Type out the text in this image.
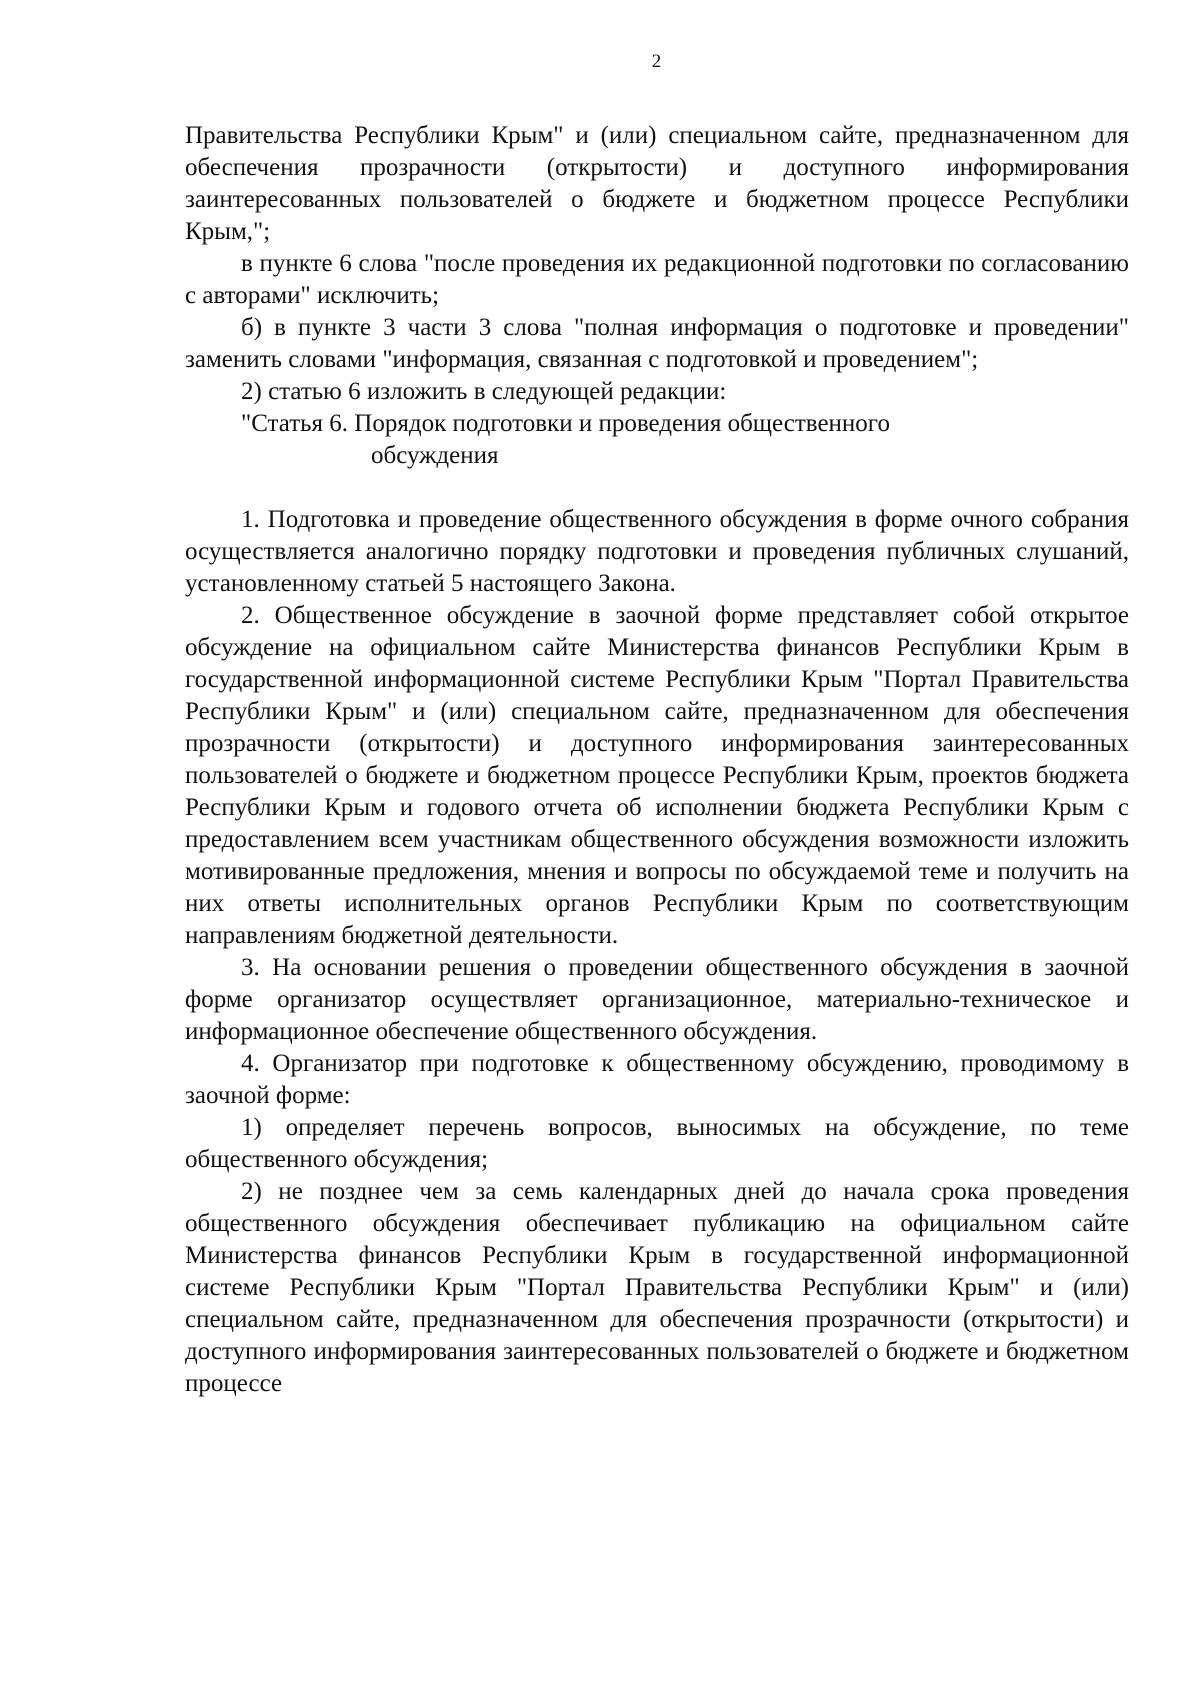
2

Правительства Республики Крым" и (или) специальном сайте, предназначенном для обеспечения прозрачности (открытости) и доступного информирования заинтересованных пользователей о бюджете и бюджетном процессе Республики Крым,";

в пункте 6 слова "после проведения их редакционной подготовки по согласованию с авторами" исключить;

б) в пункте 3 части 3 слова "полная информация о подготовке и проведении" заменить словами "информация, связанная с подготовкой и проведением";

2) статью 6 изложить в следующей редакции:

"Статья 6. Порядок подготовки и проведения общественного
обсуждения

1. Подготовка и проведение общественного обсуждения в форме очного собрания осуществляется аналогично порядку подготовки и проведения публичных слушаний, установленному статьей 5 настоящего Закона.

2. Общественное обсуждение в заочной форме представляет собой открытое обсуждение на официальном сайте Министерства финансов Республики Крым в государственной информационной системе Республики Крым "Портал Правительства Республики Крым" и (или) специальном сайте, предназначенном для обеспечения прозрачности (открытости) и доступного информирования заинтересованных пользователей о бюджете и бюджетном процессе Республики Крым, проектов бюджета Республики Крым и годового отчета об исполнении бюджета Республики Крым с предоставлением всем участникам общественного обсуждения возможности изложить мотивированные предложения, мнения и вопросы по обсуждаемой теме и получить на них ответы исполнительных органов Республики Крым по соответствующим направлениям бюджетной деятельности.

3. На основании решения о проведении общественного обсуждения в заочной форме организатор осуществляет организационное, материально-техническое и информационное обеспечение общественного обсуждения.

4. Организатор при подготовке к общественному обсуждению, проводимому в заочной форме:

1) определяет перечень вопросов, выносимых на обсуждение, по теме общественного обсуждения;

2) не позднее чем за семь календарных дней до начала срока проведения общественного обсуждения обеспечивает публикацию на официальном сайте Министерства финансов Республики Крым в государственной информационной системе Республики Крым "Портал Правительства Республики Крым" и (или) специальном сайте, предназначенном для обеспечения прозрачности (открытости) и доступного информирования заинтересованных пользователей о бюджете и бюджетном процессе
